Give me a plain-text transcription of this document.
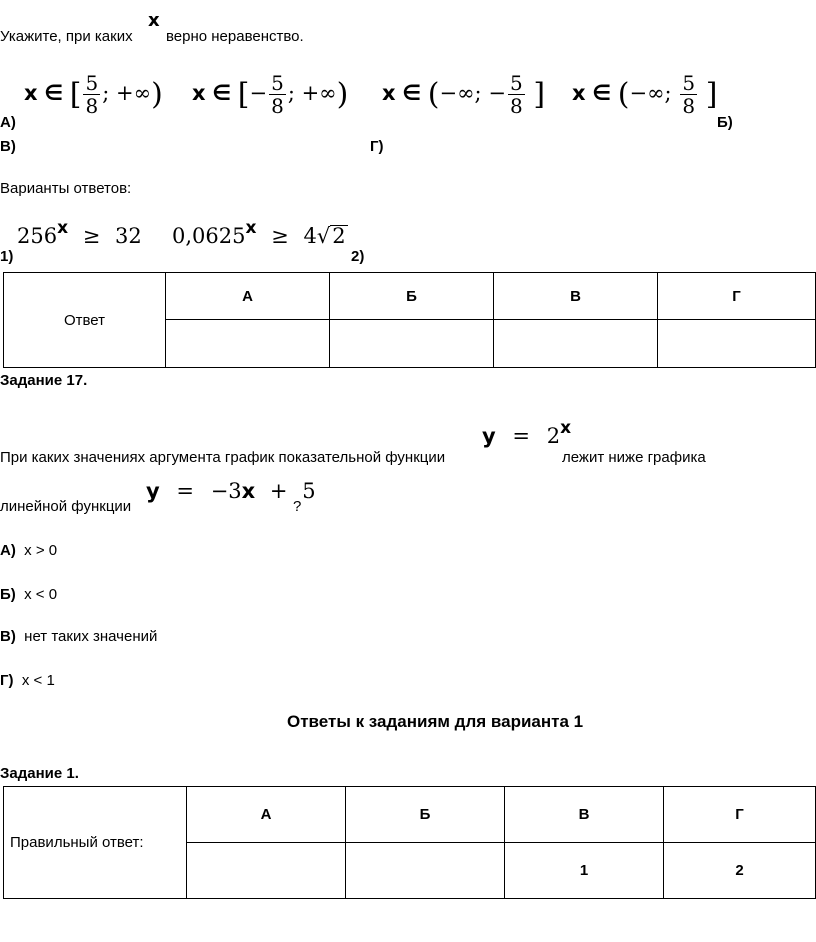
Укажите, при каких
x
верно неравенство.
x ∈ [ $\frac{5}{8}$ ; +∞) x ∈ [− $\frac{5}{8}$ ; +∞) x ∈ (−∞; − $\frac{5}{8}$ ] x ∈ (−∞; $\frac{5}{8}$ ]
А)	Б)
В)	Г)
Варианты ответов:
$256^x \ge 32$ $0,0625^x \ge 4√2$
1)	2)
Ответ	А	Б	В	Г

Задание 17.
При каких значениях аргумента график показательной функции
$y = 2^x$
лежит ниже графика
линейной функции
y = −3x + 5
?
А) x > 0
Б) x < 0
В) нет таких значений
Г) x < 1
Ответы к заданиям для варианта 1
Задание 1.
Правильный ответ:	А	Б	В	Г
			1	2
